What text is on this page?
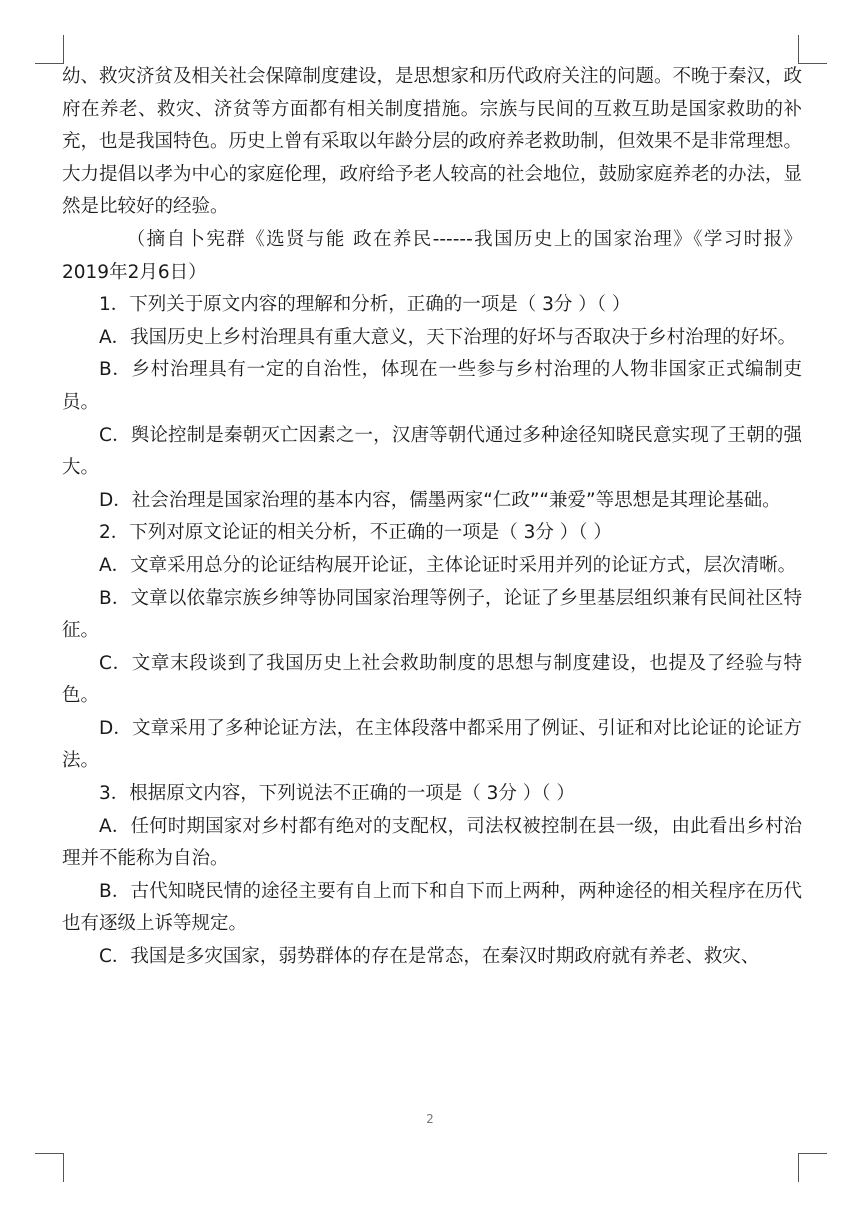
幼、救灾济贫及相关社会保障制度建设，是思想家和历代政府关注的问题。不晚于秦汉，政府在养老、救灾、济贫等方面都有相关制度措施。宗族与民间的互救互助是国家救助的补充，也是我国特色。历史上曾有采取以年龄分层的政府养老救助制，但效果不是非常理想。大力提倡以孝为中心的家庭伦理，政府给予老人较高的社会地位，鼓励家庭养老的办法，显然是比较好的经验。

（摘自卜宪群《选贤与能 政在养民------我国历史上的国家治理》《学习时报》2019年2月6日）

1．下列关于原文内容的理解和分析，正确的一项是（ 3分 ）（ ）

A．我国历史上乡村治理具有重大意义，天下治理的好坏与否取决于乡村治理的好坏。

B．乡村治理具有一定的自治性，体现在一些参与乡村治理的人物非国家正式编制吏员。

C．舆论控制是秦朝灭亡因素之一，汉唐等朝代通过多种途径知晓民意实现了王朝的强大。

D．社会治理是国家治理的基本内容，儒墨两家“仁政”“兼爱”等思想是其理论基础。

2．下列对原文论证的相关分析，不正确的一项是（ 3分 ）（ ）

A．文章采用总分的论证结构展开论证，主体论证时采用并列的论证方式，层次清晰。

B．文章以依靠宗族乡绅等协同国家治理等例子，论证了乡里基层组织兼有民间社区特征。

C．文章末段谈到了我国历史上社会救助制度的思想与制度建设，也提及了经验与特色。

D．文章采用了多种论证方法，在主体段落中都采用了例证、引证和对比论证的论证方法。

3．根据原文内容，下列说法不正确的一项是（ 3分 ）（ ）

A．任何时期国家对乡村都有绝对的支配权，司法权被控制在县一级，由此看出乡村治理并不能称为自治。

B．古代知晓民情的途径主要有自上而下和自下而上两种，两种途径的相关程序在历代也有逐级上诉等规定。

C．我国是多灾国家，弱势群体的存在是常态，在秦汉时期政府就有养老、救灾、

2
